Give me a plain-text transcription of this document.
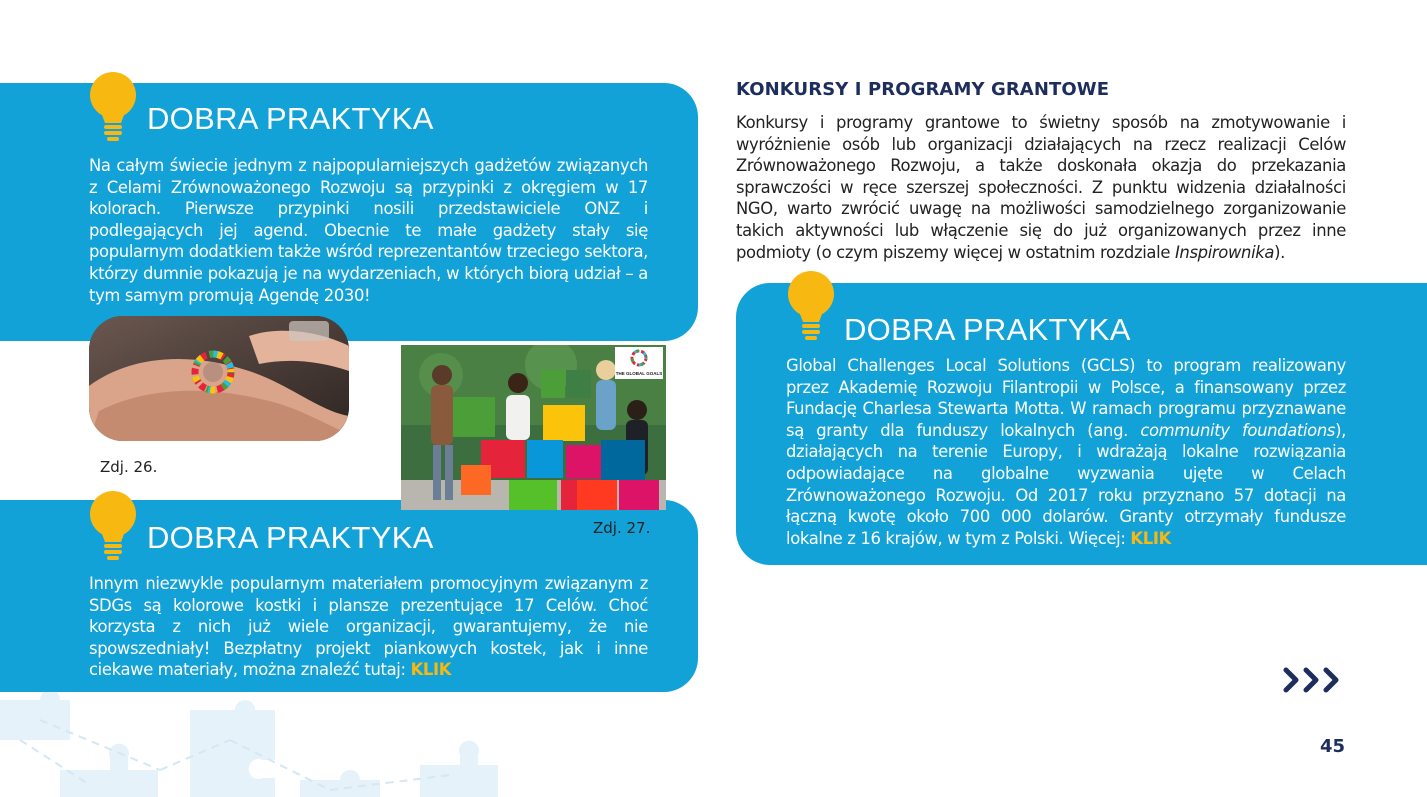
DOBRA PRAKTYKA
Na całym świecie jednym z najpopularniejszych gadżetów związanych z Celami Zrównoważonego Rozwoju są przypinki z okręgiem w 17 kolorach. Pierwsze przypinki nosili przedstawiciele ONZ i podlegających jej agend. Obecnie te małe gadżety stały się popularnym dodatkiem także wśród reprezentantów trzeciego sektora, którzy dumnie pokazują je na wydarzeniach, w których biorą udział – a tym samym promują Agendę 2030!
Zdj. 26.
DOBRA PRAKTYKA
Innym niezwykle popularnym materiałem promocyjnym związanym z SDGs są kolorowe kostki i plansze prezentujące 17 Celów. Choć korzysta z nich już wiele organizacji, gwarantujemy, że nie spowszedniały! Bezpłatny projekt piankowych kostek, jak i inne ciekawe materiały, można znaleźć tutaj: KLIK
THE GLOBAL GOALS
Zdj. 27.
KONKURSY I PROGRAMY GRANTOWE
Konkursy i programy grantowe to świetny sposób na zmotywowanie i wyróżnienie osób lub organizacji działających na rzecz realizacji Celów Zrównoważonego Rozwoju, a także doskonała okazja do przekazania sprawczości w ręce szerszej społeczności. Z punktu widzenia działalności NGO, warto zwrócić uwagę na możliwości samodzielnego zorganizowanie takich aktywności lub włączenie się do już organizowanych przez inne podmioty (o czym piszemy więcej w ostatnim rozdziale Inspirownika).
DOBRA PRAKTYKA
Global Challenges Local Solutions (GCLS) to program realizowany przez Akademię Rozwoju Filantropii w Polsce, a finansowany przez Fundację Charlesa Stewarta Motta. W ramach programu przyznawane są granty dla funduszy lokalnych (ang. community foundations), działających na terenie Europy, i wdrażają lokalne rozwiązania odpowiadające na globalne wyzwania ujęte w Celach Zrównoważonego Rozwoju. Od 2017 roku przyznano 57 dotacji na łączną kwotę około 700 000 dolarów. Granty otrzymały fundusze lokalne z 16 krajów, w tym z Polski. Więcej: KLIK
45
